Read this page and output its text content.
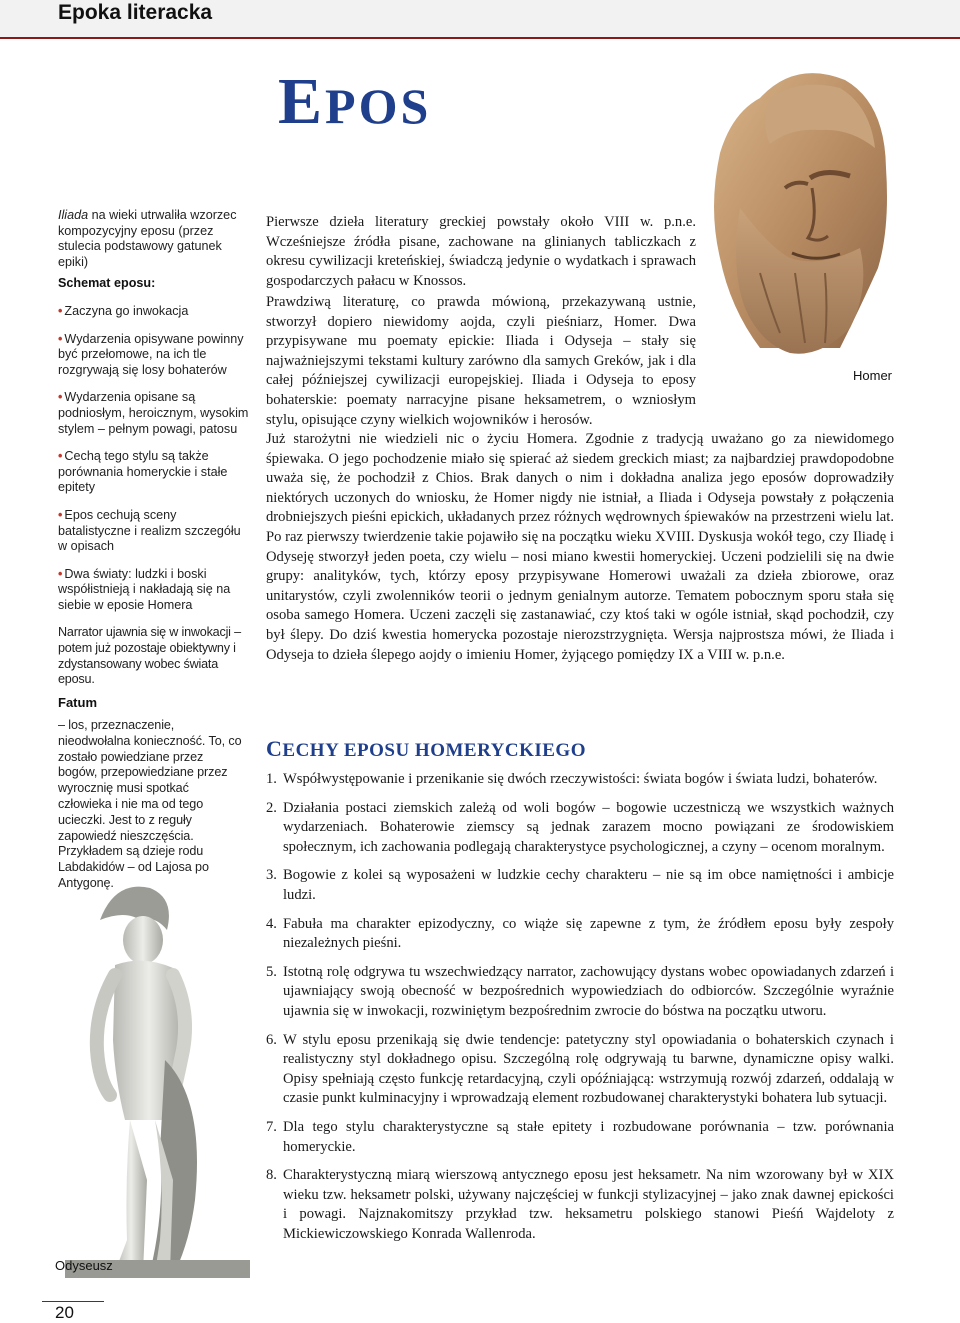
Epoka literacka
EPOS
Homer

Iliada na wieki utrwaliła wzorzec kompozycyjny eposu (przez stulecia podstawowy gatunek epiki)

Schemat eposu:

• Zaczyna go inwokacja

• Wydarzenia opisywane powinny być przełomowe, na ich tle rozgrywają się losy bohaterów

• Wydarzenia opisane są podniosłym, heroicznym, wysokim stylem – pełnym powagi, patosu

• Cechą tego stylu są także porównania homeryckie i stałe epitety

• Epos cechują sceny batalistyczne i realizm szczegółu w opisach

• Dwa światy: ludzki i boski współistnieją i nakładają się na siebie w eposie Homera

Narrator ujawnia się w inwokacji – potem już pozostaje obiektywny i zdystansowany wobec świata eposu.

Fatum
– los, przeznaczenie, nieodwołalna konieczność. To, co zostało powiedziane przez bogów, przepowiedziane przez wyrocznię musi spotkać człowieka i nie ma od tego ucieczki. Jest to z reguły zapowiedź nieszczęścia. Przykładem są dzieje rodu Labdakidów – od Lajosa po Antygonę.
Odyseusz
20

Pierwsze dzieła literatury greckiej powstały około VIII w. p.n.e. Wcześniejsze źródła pisane, zachowane na glinianych tabliczkach z okresu cywilizacji kreteńskiej, świadczą jedynie o wydatkach i sprawach gospodarczych pałacu w Knossos.

Prawdziwą literaturę, co prawda mówioną, przekazywaną ustnie, stworzył dopiero niewidomy aojda, czyli pieśniarz, Homer. Dwa przypisywane mu poematy epickie: Iliada i Odyseja – stały się najważniejszymi tekstami kultury zarówno dla samych Greków, jak i dla całej późniejszej cywilizacji europejskiej. Iliada i Odyseja to eposy bohaterskie: poematy narracyjne pisane heksametrem, o wzniosłym stylu, opisujące czyny wielkich wojowników i herosów.

Już starożytni nie wiedzieli nic o życiu Homera. Zgodnie z tradycją uważano go za niewidomego śpiewaka. O jego pochodzenie miało się spierać aż siedem greckich miast; za najbardziej prawdopodobne uważa się, że pochodził z Chios. Brak danych o nim i dokładna analiza jego eposów doprowadziły niektórych uczonych do wniosku, że Homer nigdy nie istniał, a Iliada i Odyseja powstały z połączenia drobniejszych pieśni epickich, układanych przez różnych wędrownych śpiewaków na przestrzeni wielu lat. Po raz pierwszy twierdzenie takie pojawiło się na początku wieku XVIII. Dyskusja wokół tego, czy Iliadę i Odyseję stworzył jeden poeta, czy wielu – nosi miano kwestii homeryckiej. Uczeni podzielili się na dwie grupy: analityków, tych, którzy eposy przypisywane Homerowi uważali za dzieła zbiorowe, oraz unitarystów, czyli zwolenników teorii o jednym genialnym autorze. Tematem pobocznym sporu stała się osoba samego Homera. Uczeni zaczęli się zastanawiać, czy ktoś taki w ogóle istniał, skąd pochodził, czy był ślepy. Do dziś kwestia homerycka pozostaje nierozstrzygnięta. Wersja najprostsza mówi, że Iliada i Odyseja to dzieła ślepego aojdy o imieniu Homer, żyjącego pomiędzy IX a VIII w. p.n.e.

CECHY EPOSU HOMERYCKIEGO
1. Współwystępowanie i przenikanie się dwóch rzeczywistości: świata bogów i świata ludzi, bohaterów.
2. Działania postaci ziemskich zależą od woli bogów – bogowie uczestniczą we wszystkich ważnych wydarzeniach. Bohaterowie ziemscy są jednak zarazem mocno powiązani ze środowiskiem społecznym, ich zachowania podlegają charakterystyce psychologicznej, a czyny – ocenom moralnym.
3. Bogowie z kolei są wyposażeni w ludzkie cechy charakteru – nie są im obce namiętności i ambicje ludzi.
4. Fabuła ma charakter epizodyczny, co wiąże się zapewne z tym, że źródłem eposu były zespoły niezależnych pieśni.
5. Istotną rolę odgrywa tu wszechwiedzący narrator, zachowujący dystans wobec opowiadanych zdarzeń i ujawniający swoją obecność w bezpośrednich wypowiedziach do odbiorców. Szczególnie wyraźnie ujawnia się w inwokacji, rozwiniętym bezpośrednim zwrocie do bóstwa na początku utworu.
6. W stylu eposu przenikają się dwie tendencje: patetyczny styl opowiadania o bohaterskich czynach i realistyczny styl dokładnego opisu. Szczególną rolę odgrywają tu barwne, dynamiczne opisy walki. Opisy spełniają często funkcję retardacyjną, czyli opóźniającą: wstrzymują rozwój zdarzeń, oddalają w czasie punkt kulminacyjny i wprowadzają element rozbudowanej charakterystyki bohatera lub sytuacji.
7. Dla tego stylu charakterystyczne są stałe epitety i rozbudowane porównania – tzw. porównania homeryckie.
8. Charakterystyczną miarą wierszową antycznego eposu jest heksametr. Na nim wzorowany był w XIX wieku tzw. heksametr polski, używany najczęściej w funkcji stylizacyjnej – jako znak dawnej epickości i powagi. Najznakomitszy przykład tzw. heksametru polskiego stanowi Pieśń Wajdeloty z Mickiewiczowskiego Konrada Wallenroda.
